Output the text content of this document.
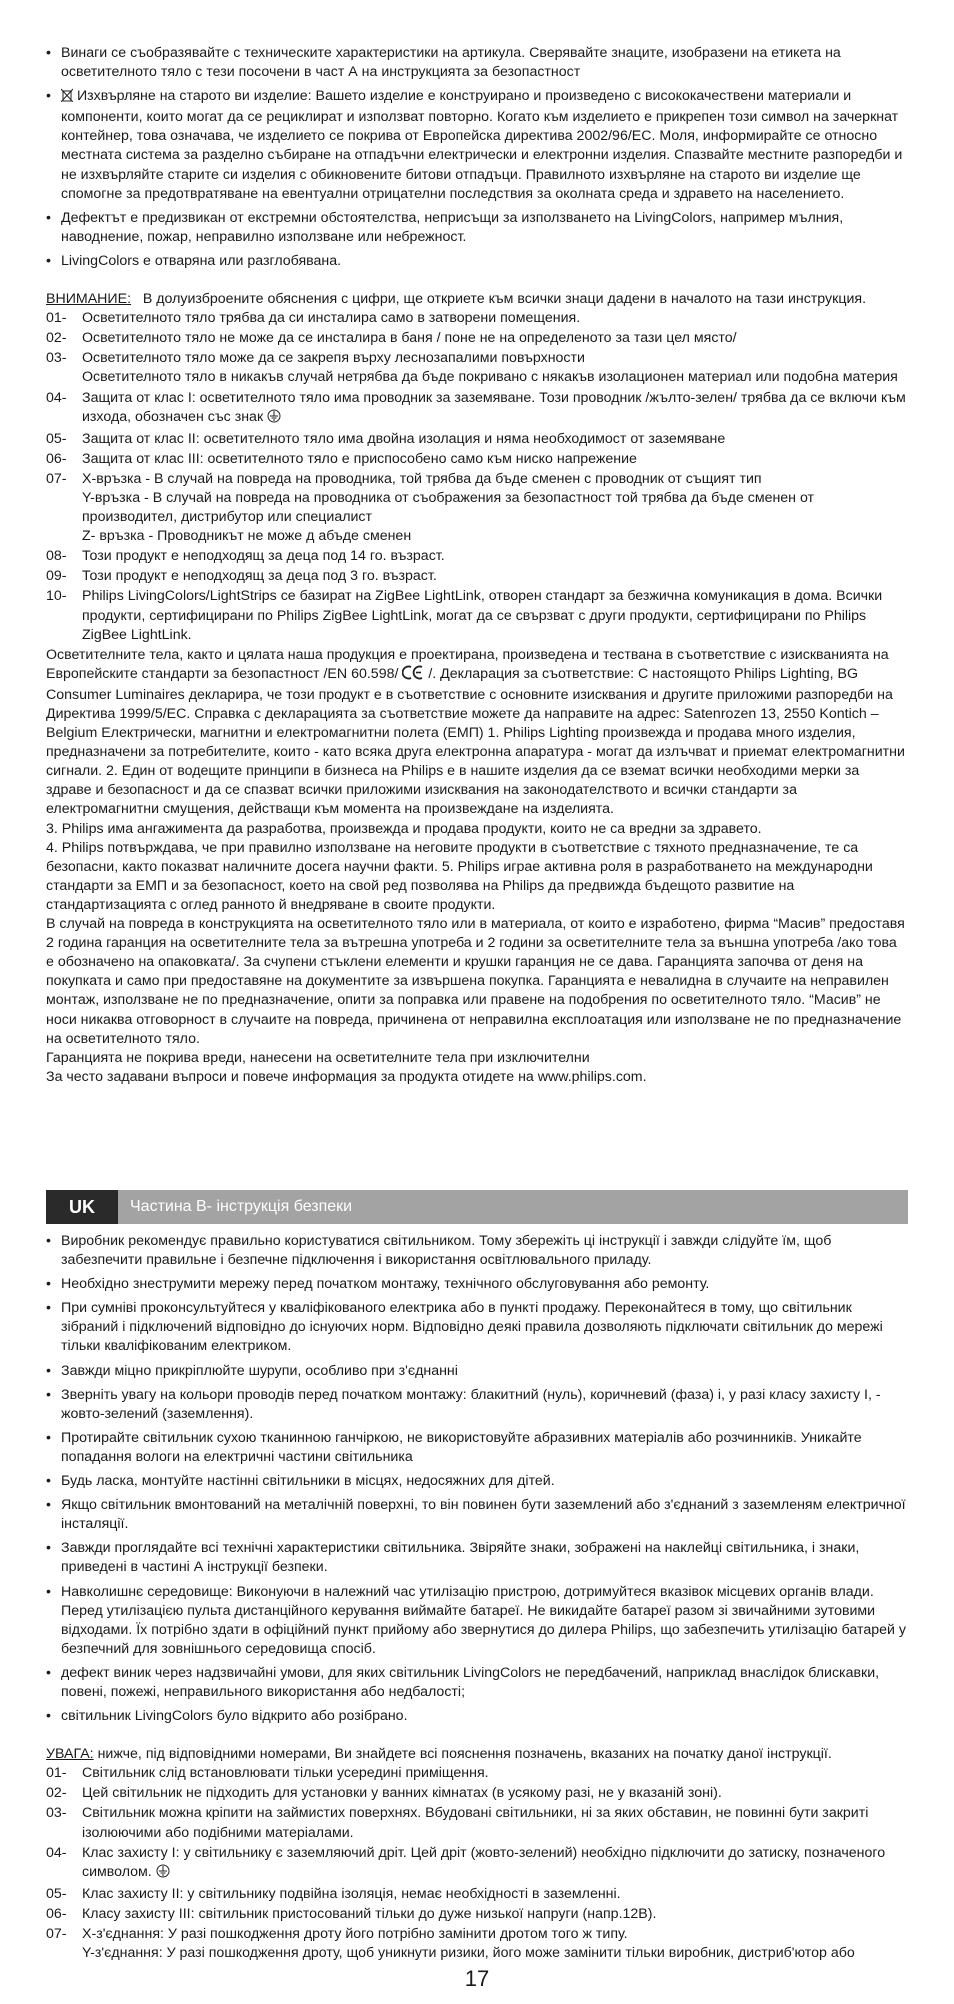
• Винаги се съобразявайте с техническите характеристики на артикула. Сверявайте знаците, изобразени на етикета на осветителното тяло с тези посочени в част А на инструкцията за безопастност
• Изхвърляне на старото ви изделие: Вашето изделие е конструирано и произведено с висококачествени материали и компоненти, които могат да се рециклират и използват повторно. Когато към изделието е прикрепен този символ на зачеркнат контейнер, това означава, че изделието се покрива от Европейска директива 2002/96/ЕС. Моля, информирайте се относно местната система за разделно събиране на отпадъчни електрически и електронни изделия. Спазвайте местните разпоредби и не изхвърляйте старите си изделия с обикновените битови отпадъци. Правилното изхвърляне на старото ви изделие ще спомогне за предотвратяване на евентуални отрицателни последствия за околната среда и здравето на населението.
• Дефектът е предизвикан от екстремни обстоятелства, неприсъщи за използването на LivingColors, например мълния, наводнение, пожар, неправилно използване или небрежност.
• LivingColors е отваряна или разглобявана.

ВНИМАНИЕ: В долуизброените обяснения с цифри, ще откриете към всички знаци дадени в началото на тази инструкция.

01- Осветителното тяло трябва да си инсталира само в затворени помещения.
02- Осветителното тяло не може да се инсталира в баня / поне не на определеното за тази цел място/
03- Осветителното тяло може да се закрепя върху леснозапалими повърхности
Осветителното тяло в никакъв случай нетрябва да бъде покривано с някакъв изолационен материал или подобна материя
04- Защита от клас I: осветителното тяло има проводник за заземяване. Този проводник /жълто-зелен/ трябва да се включи към изхода, обозначен със знак
05- Защита от клас II: осветителното тяло има двойна изолация и няма необходимост от заземяване
06- Защита от клас III: осветителното тяло е приспособено само към ниско напрежение
07- X-връзка - В случай на повреда на проводника, той трябва да бъде сменен с проводник от същият тип
Y-връзка - В случай на повреда на проводника от съображения за безопастност той трябва да бъде сменен от производител, дистрибутор или специалист
Z- връзка - Проводникът не може д абъде сменен
08- Този продукт е неподходящ за деца под 14 го. възраст.
09- Този продукт е неподходящ за деца под 3 го. възраст.
10- Philips LivingColors/LightStrips се базират на ZigBee LightLink, отворен стандарт за безжична комуникация в дома. Всички продукти, сертифицирани по Philips ZigBee LightLink, могат да се свързват с други продукти, сертифицирани по Philips ZigBee LightLink.

Осветителните тела, както и цялата наша продукция е проектирана, произведена и тествана в съответствие с изискванията на Европейските стандарти за безопастност /EN 60.598/ /. Декларация за съответствие: С настоящото Philips Lighting, BG Consumer Luminaires декларира, че този продукт е в съответствие с основните изисквания и другите приложими разпоредби на Директива 1999/5/ЕС. Справка с декларацията за съответствие можете да направите на адрес: Satenrozen 13, 2550 Kontich – Belgium Електрически, магнитни и електромагнитни полета (ЕМП) 1. Philips Lighting произвежда и продава много изделия, предназначени за потребителите, които - като всяка друга електронна апаратура - могат да излъчват и приемат електромагнитни сигнали. 2. Един от водещите принципи в бизнеса на Philips е в нашите изделия да се вземат всички необходими мерки за здраве и безопасност и да се спазват всички приложими изисквания на законодателството и всички стандарти за електромагнитни смущения, действащи към момента на произвеждане на изделията.

3. Philips има ангажимента да разработва, произвежда и продава продукти, които не са вредни за здравето.

4. Philips потвърждава, че при правилно използване на неговите продукти в съответствие с тяхното предназначение, те са безопасни, както показват наличните досега научни факти. 5. Philips играе активна роля в разработването на международни стандарти за ЕМП и за безопасност, което на свой ред позволява на Philips да предвижда бъдещото развитие на стандартизацията с оглед ранното й внедряване в своите продукти.

В случай на повреда в конструкцията на осветителното тяло или в материала, от които е изработено, фирма “Масив” предоставя 2 година гаранция на осветителните тела за вътрешна употреба и 2 години за осветителните тела за външна употреба /ако това е обозначено на опаковката/. За счупени стъклени елементи и крушки гаранция не се дава. Гаранцията започва от деня на покупката и само при предоставяне на документите за извършена покупка. Гаранцията е невалидна в случаите на неправилен монтаж, използване не по предназначение, опити за поправка или правене на подобрения по осветителното тяло. “Масив” не носи никаква отговорност в случаите на повреда, причинена от неправилна експлоатация или използване не по предназначение на осветителното тяло.

Гаранцията не покрива вреди, нанесени на осветителните тела при изключителни

За често задавани въпроси и повече информация за продукта отидете на www.philips.com.

UK	Частина В- інструкція безпеки
• Виробник рекомендує правильно користуватися світильником. Тому збережіть ці інструкції і завжди слідуйте їм, щоб забезпечити правильне і безпечне підключення і використання освітлювального приладу.
• Необхідно знеструмити мережу перед початком монтажу, технічного обслуговування або ремонту.
• При сумніві проконсультуйтеся у кваліфікованого електрика або в пункті продажу. Переконайтеся в тому, що світильник зібраний і підключений відповідно до існуючих норм. Відповідно деякі правила дозволяють підключати світильник до мережі тільки кваліфікованим електриком.
• Завжди міцно прикріплюйте шурупи, особливо при з'єднанні
• Зверніть увагу на кольори проводів перед початком монтажу: блакитний (нуль), коричневий (фаза) і, у разі класу захисту I, - жовто-зелений (заземлення).
• Протирайте світильник сухою тканинною ганчіркою, не використовуйте абразивних матеріалів або розчинників. Уникайте попадання вологи на електричні частини світильника
• Будь ласка, монтуйте настінні світильники в місцях, недосяжних для дітей.
• Якщо світильник вмонтований на металічній поверхні, то він повинен бути заземлений або з'єднаний з заземленям електричної інсталяції.
• Завжди проглядайте всі технічні характеристики світильника. Звіряйте знаки, зображені на наклейці світильника, і знаки, приведені в частині А інструкції безпеки.
• Навколишнє середовище: Виконуючи в належний час утилізацію пристрою, дотримуйтеся вказівок місцевих органів влади. Перед утилізацією пульта дистанційного керування виймайте батареї. Не викидайте батареї разом зі звичайними зутовими відходами. Їх потрібно здати в офіційний пункт прийому або звернутися до дилера Philips, що забезпечить утилізацію батарей у безпечний для зовнішнього середовища спосіб.
• дефект виник через надзвичайні умови, для яких світильник LivingColors не передбачений, наприклад внаслідок блискавки, повені, пожежі, неправильного використання або недбалості;
• світильник LivingColors було відкрито або розібрано.

УВАГА: нижче, під відповідними номерами, Ви знайдете всі пояснення позначень, вказаних на початку даної інструкції.

01- Світильник слід встановлювати тільки усередині приміщення.
02- Цей світильник не підходить для установки у ванних кімнатах (в усякому разі, не у вказаній зоні).
03- Світильник можна кріпити на займистих поверхнях. Вбудовані світильники, ні за яких обставин, не повинні бути закриті ізолюючими або подібними матеріалами.
04- Клас захисту I: у світильнику є заземляючий дріт. Цей дріт (жовто-зелений) необхідно підключити до затиску, позначеного символом.
05- Клас захисту II: у світильнику подвійна ізоляція, немає необхідності в заземленні.
06- Класу захисту III: світильник пристосований тільки до дуже низької напруги (напр.12В).
07- X-з'єднання: У разі пошкодження дроту його потрібно замінити дротом того ж типу.
Y-з'єднання: У разі пошкодження дроту, щоб уникнути ризики, його може замінити тільки виробник, дистриб'ютор або
17
